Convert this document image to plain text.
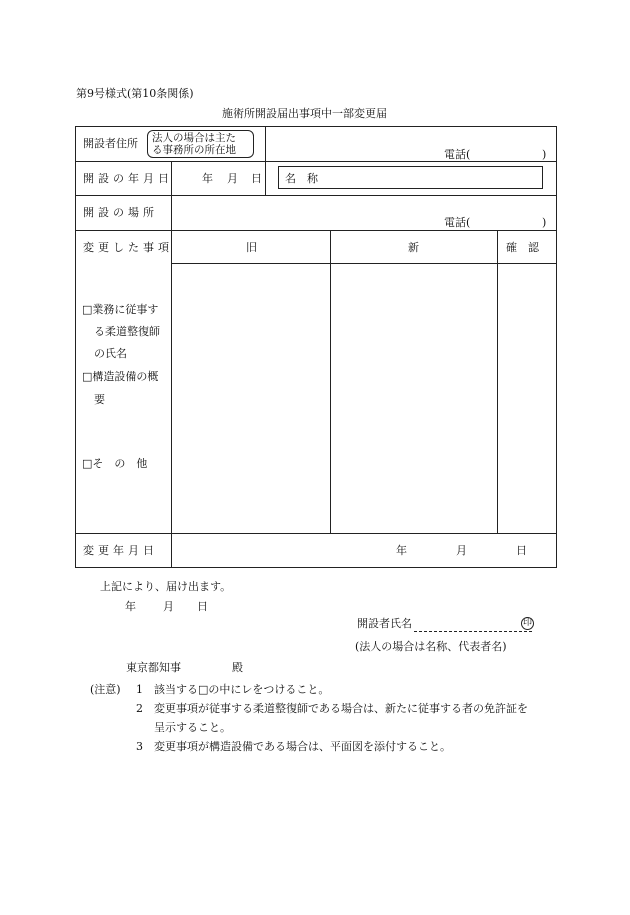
第9号様式(第10条関係)
施術所開設届出事項中一部変更届
開設者住所 法人の場合は主た
る事務所の所在地	電話(	)
開設の年月日	年 月 日 名　称
開設の場所
電話(	)
変更した事項	旧	新	確　認
□業務に従事す
る柔道整復師
の氏名
□構造設備の概
要
□そ　の　他
変更年月日	年	月	日
上記により、届け出ます。
年 月 日
開設者氏名	印
(法人の場合は名称、代表者名)
東京都知事	殿
(注意) 1 該当する□の中にレをつけること。
2 変更事項が従事する柔道整復師である場合は、新たに従事する者の免許証を
呈示すること。
3 変更事項が構造設備である場合は、平面図を添付すること。
